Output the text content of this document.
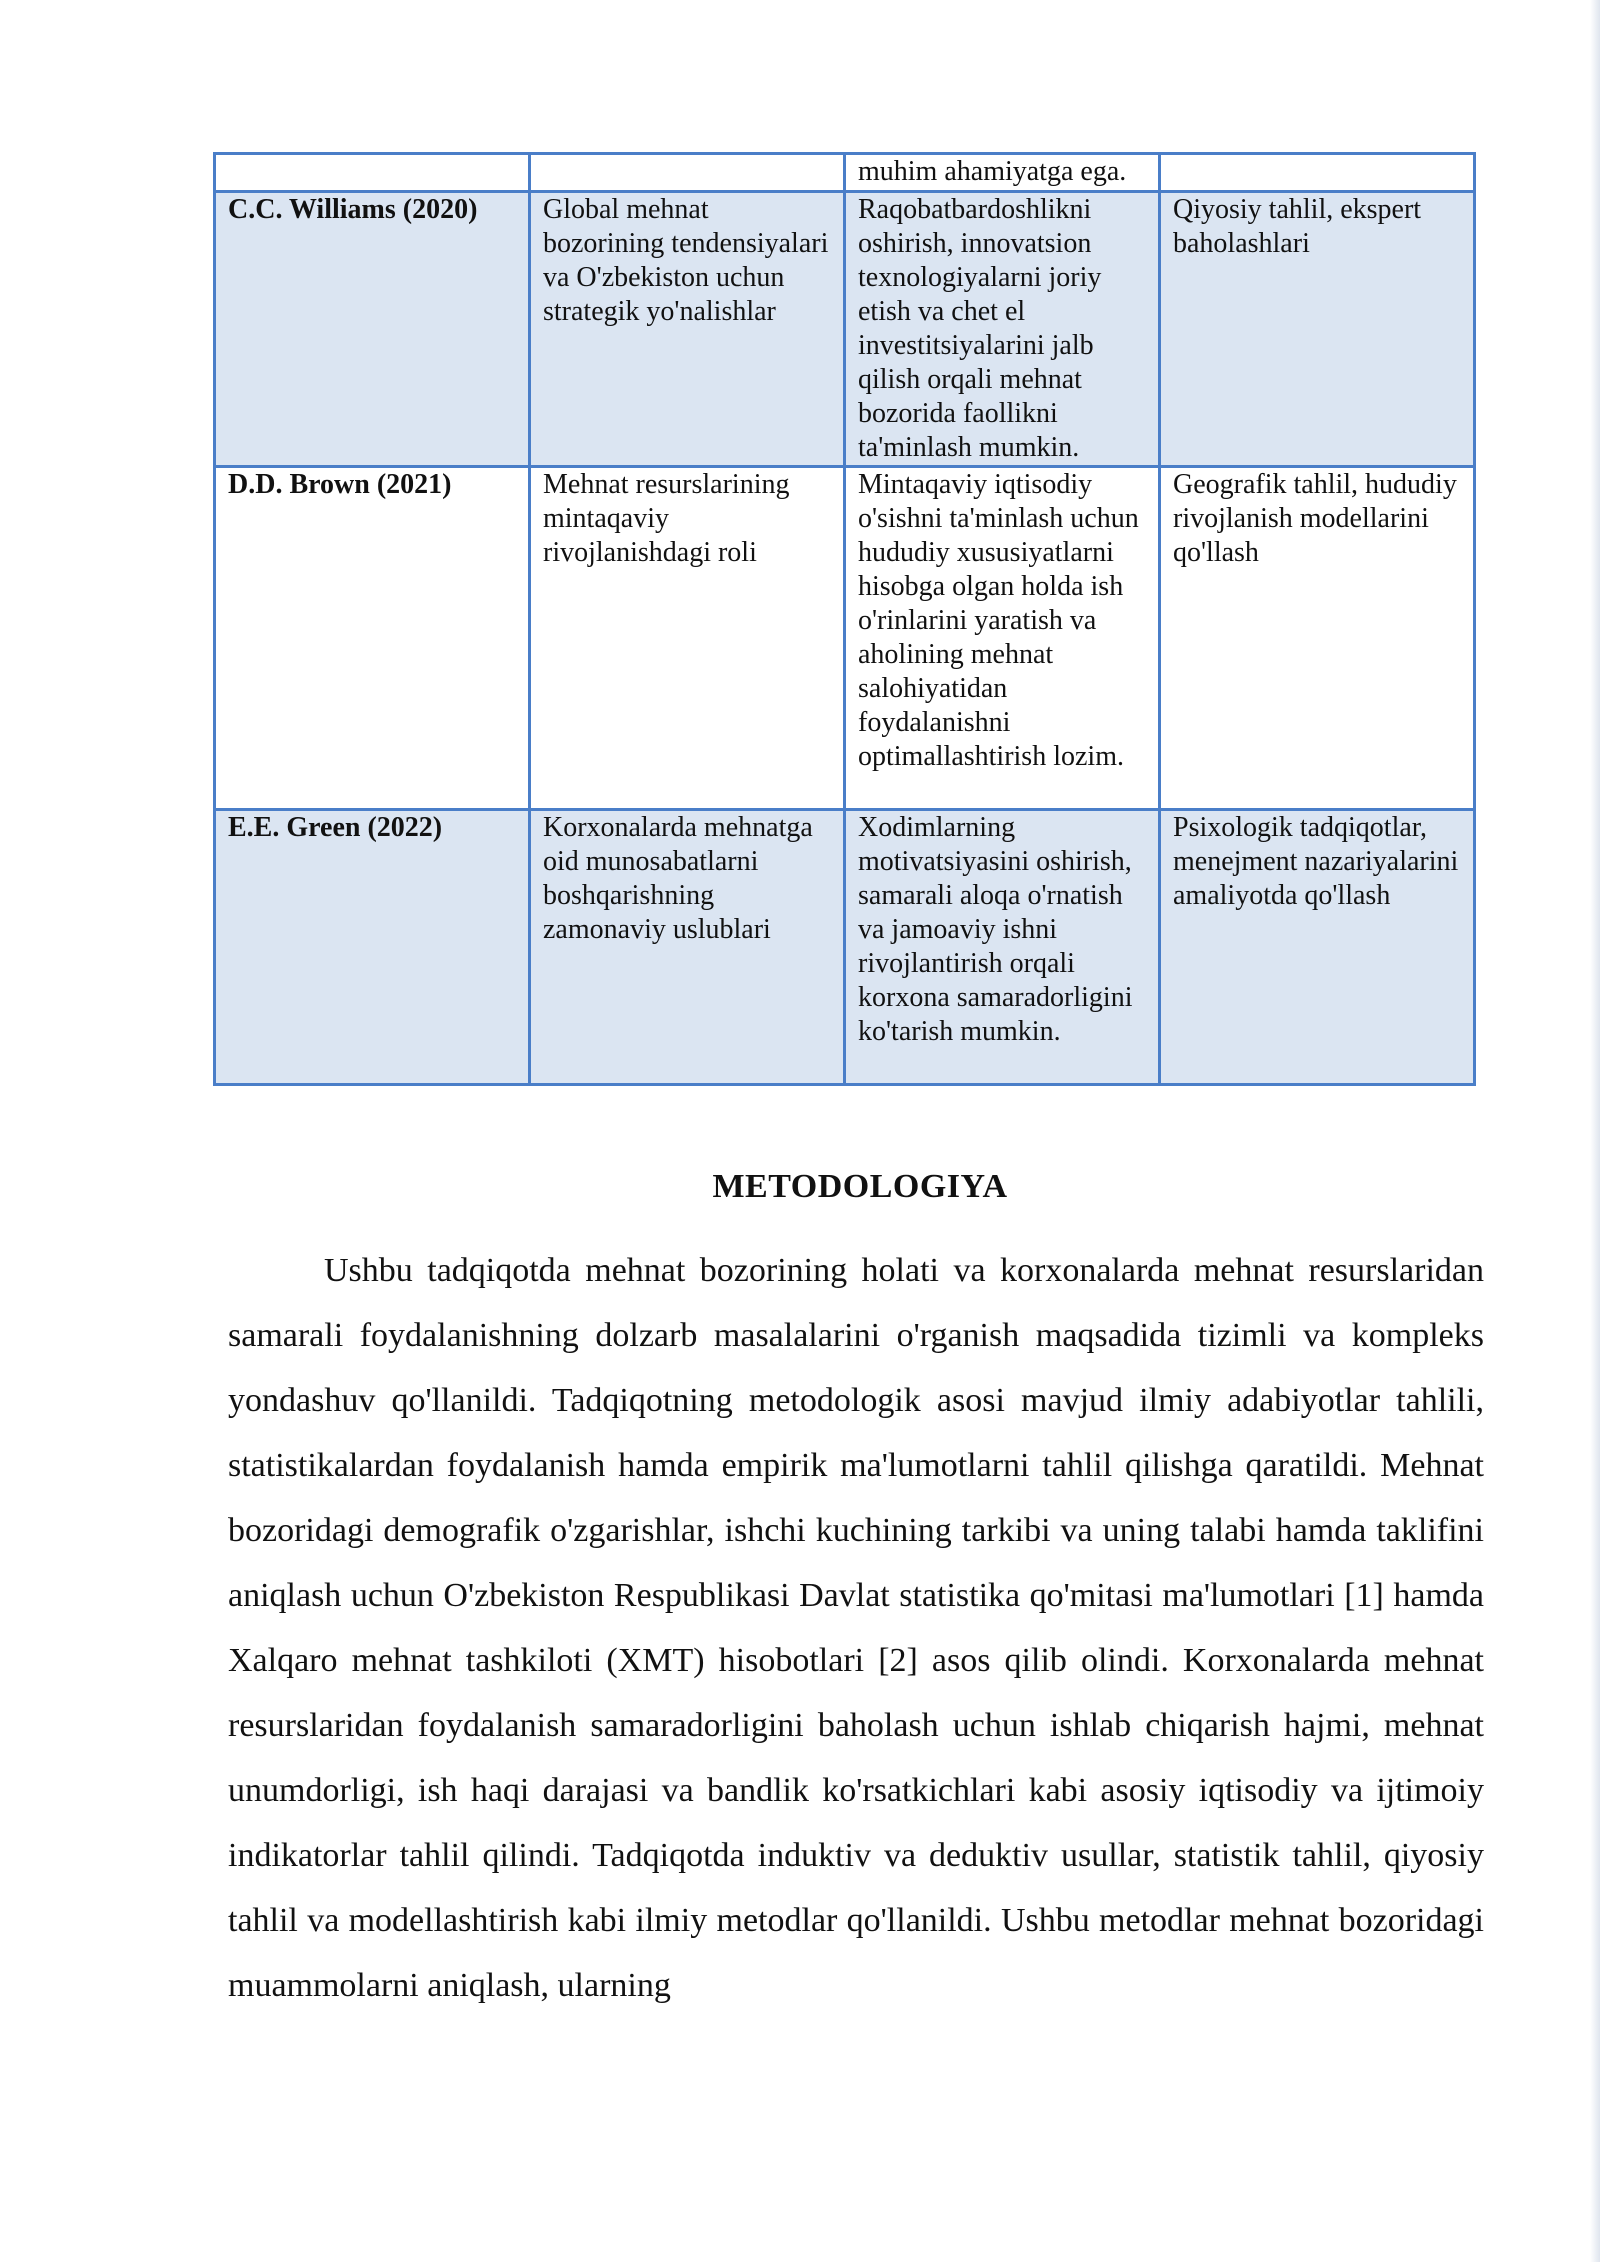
		muhim ahamiyatga ega.	
C.C. Williams (2020)	Global mehnat bozorining tendensiyalari va O'zbekiston uchun strategik yo'nalishlar	Raqobatbardoshlikni oshirish, innovatsion texnologiyalarni joriy etish va chet el investitsiyalarini jalb qilish orqali mehnat bozorida faollikni ta'minlash mumkin.	Qiyosiy tahlil, ekspert baholashlari
D.D. Brown (2021)	Mehnat resurslarining mintaqaviy rivojlanishdagi roli	Mintaqaviy iqtisodiy o'sishni ta'minlash uchun hududiy xususiyatlarni hisobga olgan holda ish o'rinlarini yaratish va aholining mehnat salohiyatidan foydalanishni optimallashtirish lozim.	Geografik tahlil, hududiy rivojlanish modellarini qo'llash
E.E. Green (2022)	Korxonalarda mehnatga oid munosabatlarni boshqarishning zamonaviy uslublari	Xodimlarning motivatsiyasini oshirish, samarali aloqa o'rnatish va jamoaviy ishni rivojlantirish orqali korxona samaradorligini ko'tarish mumkin.	Psixologik tadqiqotlar, menejment nazariyalarini amaliyotda qo'llash
METODOLOGIYA

Ushbu tadqiqotda mehnat bozorining holati va korxonalarda mehnat resurslaridan samarali foydalanishning dolzarb masalalarini o'rganish maqsadida tizimli va kompleks yondashuv qo'llanildi. Tadqiqotning metodologik asosi mavjud ilmiy adabiyotlar tahlili, statistikalardan foydalanish hamda empirik ma'lumotlarni tahlil qilishga qaratildi. Mehnat bozoridagi demografik o'zgarishlar, ishchi kuchining tarkibi va uning talabi hamda taklifini aniqlash uchun O'zbekiston Respublikasi Davlat statistika qo'mitasi ma'lumotlari [1] hamda Xalqaro mehnat tashkiloti (XMT) hisobotlari [2] asos qilib olindi. Korxonalarda mehnat resurslaridan foydalanish samaradorligini baholash uchun ishlab chiqarish hajmi, mehnat unumdorligi, ish haqi darajasi va bandlik ko'rsatkichlari kabi asosiy iqtisodiy va ijtimoiy indikatorlar tahlil qilindi. Tadqiqotda induktiv va deduktiv usullar, statistik tahlil, qiyosiy tahlil va modellashtirish kabi ilmiy metodlar qo'llanildi. Ushbu metodlar mehnat bozoridagi muammolarni aniqlash, ularning
